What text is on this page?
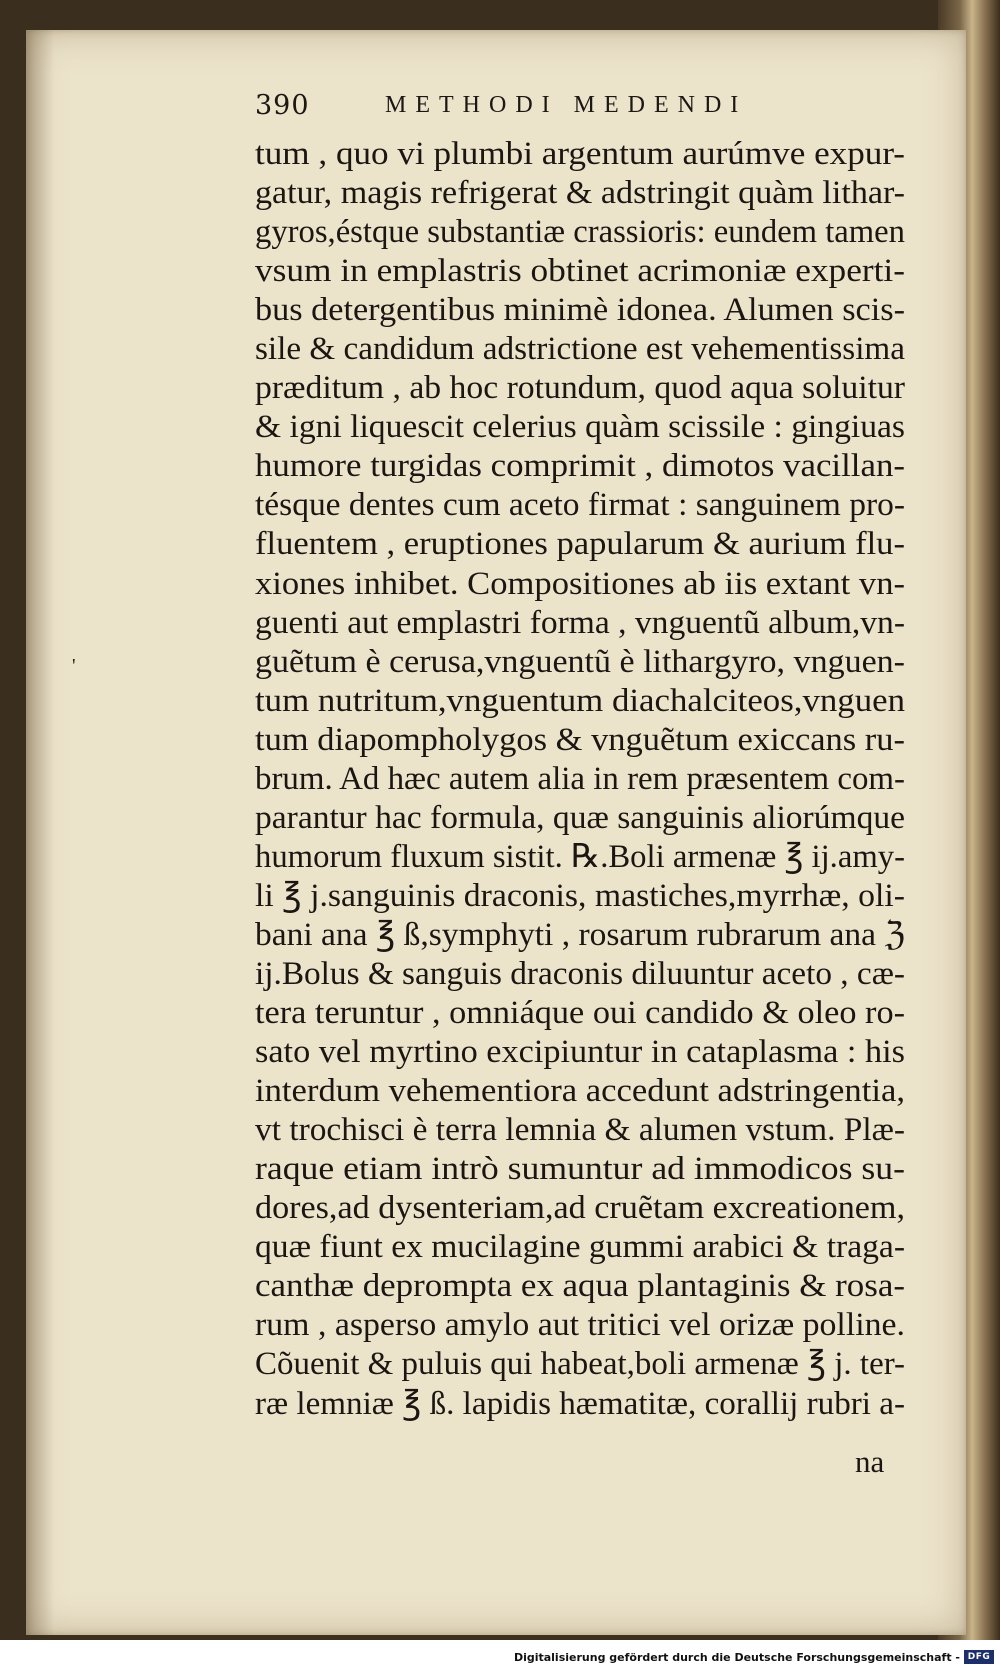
390	METHODI MEDENDI
'
tum , quo vi plumbi argentum aurúmve expur-
gatur, magis refrigerat & adstringit quàm lithar-
gyros,éstque substantiæ crassioris: eundem tamen
vsum in emplastris obtinet acrimoniæ experti-
bus detergentibus minimè idonea. Alumen scis-
sile & candidum adstrictione est vehementissima
præditum , ab hoc rotundum, quod aqua soluitur
& igni liquescit celerius quàm scissile : gingiuas
humore turgidas comprimit , dimotos vacillan-
tésque dentes cum aceto firmat : sanguinem pro-
fluentem , eruptiones papularum & aurium flu-
xiones inhibet. Compositiones ab iis extant vn-
guenti aut emplastri forma , vnguentũ album,vn-
guẽtum è cerusa,vnguentũ è lithargyro, vnguen-
tum nutritum,vnguentum diachalciteos,vnguen
tum diapompholygos & vnguẽtum exiccans ru-
brum. Ad hæc autem alia in rem præsentem com-
parantur hac formula, quæ sanguinis aliorúmque
humorum fluxum sistit. ℞.Boli armenæ ℥ ij.amy-
li ℥ j.sanguinis draconis, mastiches,myrrhæ, oli-
bani ana ℥ ß,symphyti , rosarum rubrarum ana ℨ
ij.Bolus & sanguis draconis diluuntur aceto , cæ-
tera teruntur , omniáque oui candido & oleo ro-
sato vel myrtino excipiuntur in cataplasma : his
interdum vehementiora accedunt adstringentia,
vt trochisci è terra lemnia & alumen vstum. Plæ-
raque etiam intrò sumuntur ad immodicos su-
dores,ad dysenteriam,ad cruẽtam excreationem,
quæ fiunt ex mucilagine gummi arabici & traga-
canthæ deprompta ex aqua plantaginis & rosa-
rum , asperso amylo aut tritici vel orizæ polline.
Cõuenit & puluis qui habeat,boli armenæ ℥ j. ter-
ræ lemniæ ℥ ß. lapidis hæmatitæ, corallij rubri a-
na
Digitalisierung gefördert durch die Deutsche Forschungsgemeinschaft - DFG
